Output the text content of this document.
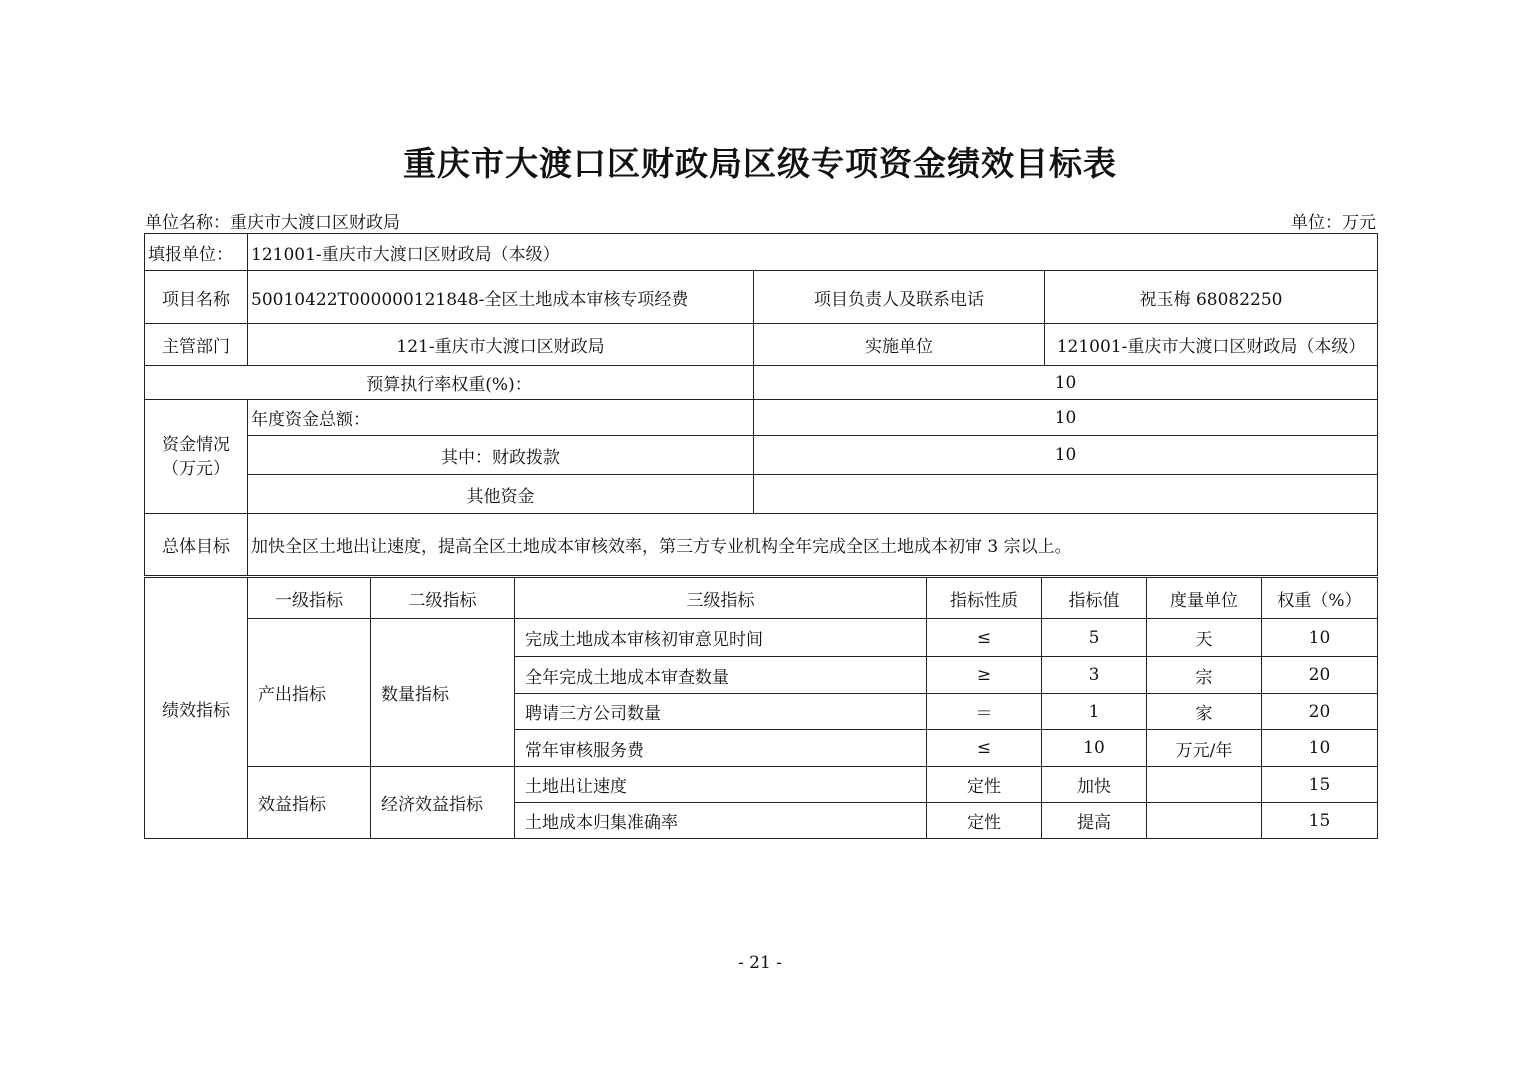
重庆市大渡口区财政局区级专项资金绩效目标表
单位名称：重庆市大渡口区财政局	单位：万元
填报单位：	121001-重庆市大渡口区财政局（本级）		
项目名称	50010422T000000121848-全区土地成本审核专项经费	项目负责人及联系电话	祝玉梅 68082250
主管部门	121-重庆市大渡口区财政局	实施单位	121001-重庆市大渡口区财政局（本级）
预算执行率权重(%)：		10	
资金情况（万元）	年度资金总额：	10	
	其中：财政拨款	10	
	其他资金		
总体目标	加快全区土地出让速度，提高全区土地成本审核效率，第三方专业机构全年完成全区土地成本初审 3 宗以上。		
绩效指标	一级指标	二级指标	三级指标	指标性质	指标值	度量单位	权重（%）
	产出指标	数量指标	完成土地成本审核初审意见时间	≤	5	天	10
			全年完成土地成本审查数量	≥	3	宗	20
			聘请三方公司数量	＝	1	家	20
			常年审核服务费	≤	10	万元/年	10
	效益指标	经济效益指标	土地出让速度	定性	加快		15
			土地成本归集准确率	定性	提高		15
- 21 -
